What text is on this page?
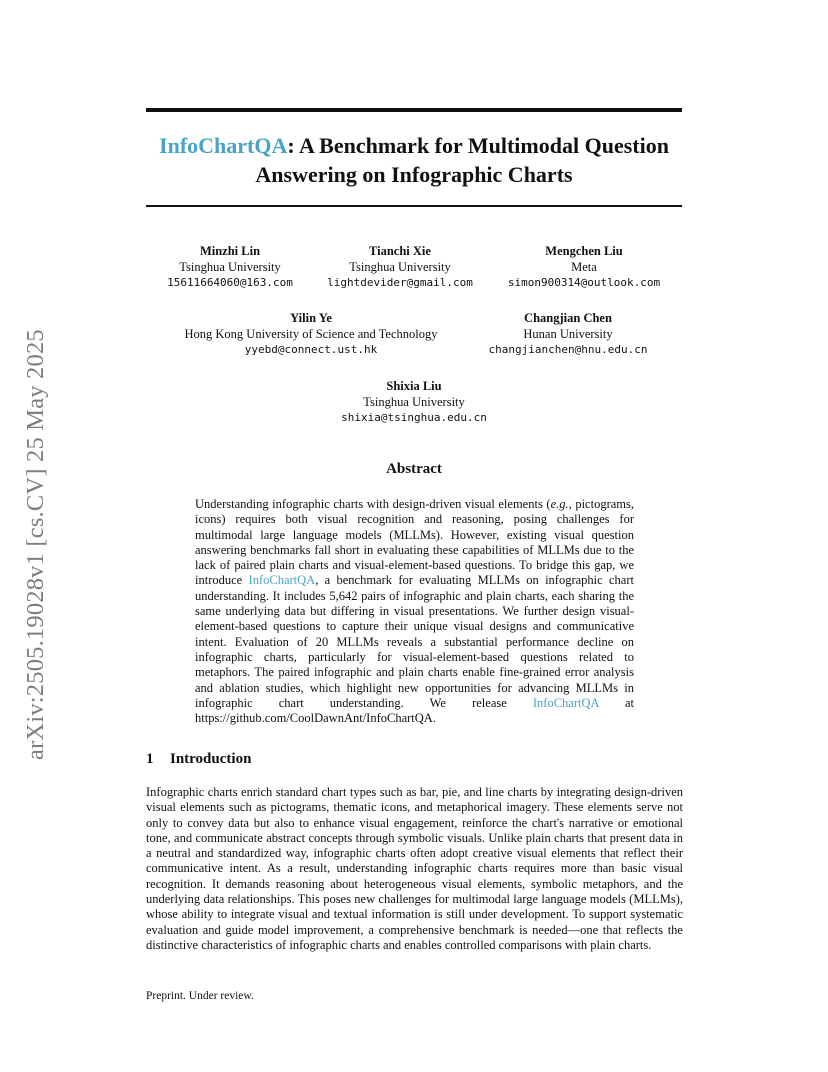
arXiv:2505.19028v1 [cs.CV] 25 May 2025
InfoChartQA: A Benchmark for Multimodal Question Answering on Infographic Charts
Minzhi Lin
Tsinghua University
15611664060@163.com
Tianchi Xie
Tsinghua University
lightdevider@gmail.com
Mengchen Liu
Meta
simon900314@outlook.com
Yilin Ye
Hong Kong University of Science and Technology
yyebd@connect.ust.hk
Changjian Chen
Hunan University
changjianchen@hnu.edu.cn
Shixia Liu
Tsinghua University
shixia@tsinghua.edu.cn
Abstract

Understanding infographic charts with design-driven visual elements (e.g., pictograms, icons) requires both visual recognition and reasoning, posing challenges for multimodal large language models (MLLMs). However, existing visual question answering benchmarks fall short in evaluating these capabilities of MLLMs due to the lack of paired plain charts and visual-element-based questions. To bridge this gap, we introduce InfoChartQA, a benchmark for evaluating MLLMs on infographic chart understanding. It includes 5,642 pairs of infographic and plain charts, each sharing the same underlying data but differing in visual presentations. We further design visual-element-based questions to capture their unique visual designs and communicative intent. Evaluation of 20 MLLMs reveals a substantial performance decline on infographic charts, particularly for visual-element-based questions related to metaphors. The paired infographic and plain charts enable fine-grained error analysis and ablation studies, which highlight new opportunities for advancing MLLMs in infographic chart understanding. We release InfoChartQA at https://github.com/CoolDawnAnt/InfoChartQA.

1 Introduction

Infographic charts enrich standard chart types such as bar, pie, and line charts by integrating design-driven visual elements such as pictograms, thematic icons, and metaphorical imagery. These elements serve not only to convey data but also to enhance visual engagement, reinforce the chart's narrative or emotional tone, and communicate abstract concepts through symbolic visuals. Unlike plain charts that present data in a neutral and standardized way, infographic charts often adopt creative visual elements that reflect their communicative intent. As a result, understanding infographic charts requires more than basic visual recognition. It demands reasoning about heterogeneous visual elements, symbolic metaphors, and the underlying data relationships. This poses new challenges for multimodal large language models (MLLMs), whose ability to integrate visual and textual information is still under development. To support systematic evaluation and guide model improvement, a comprehensive benchmark is needed—one that reflects the distinctive characteristics of infographic charts and enables controlled comparisons with plain charts.

Preprint. Under review.
